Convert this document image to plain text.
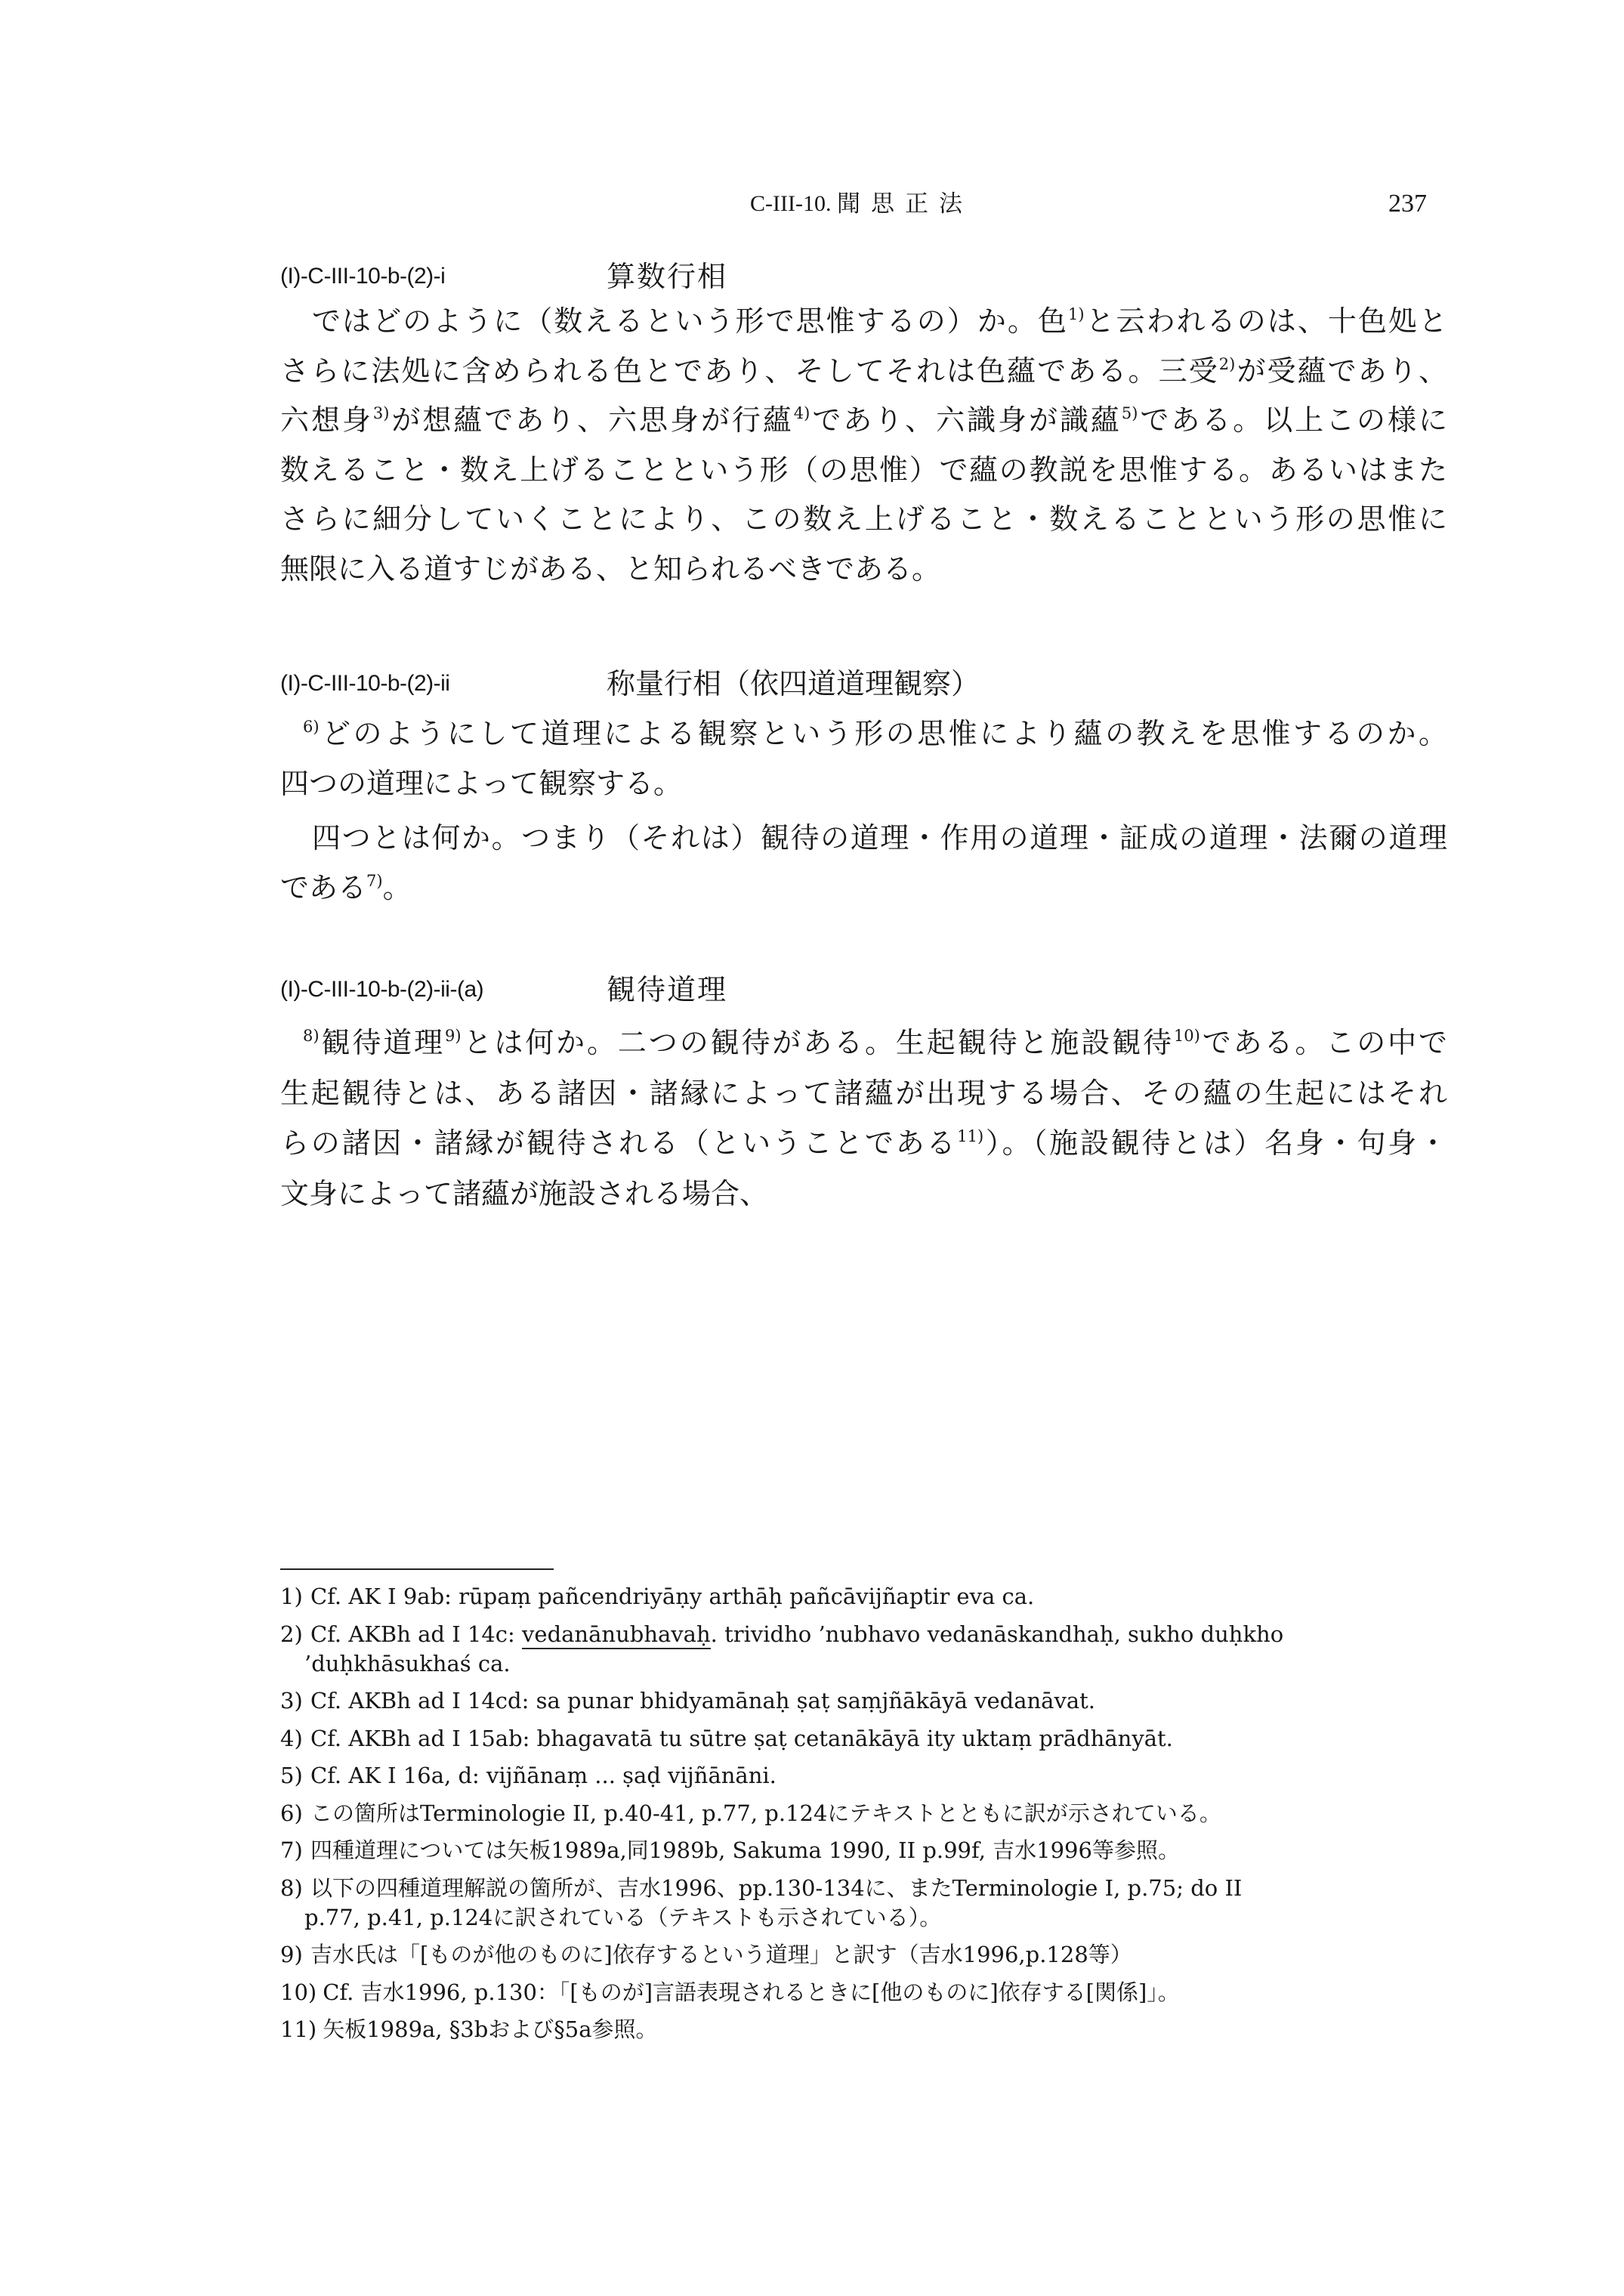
C-III-10. 聞思正法	237
(I)-C-III-10-b-(2)-i	算数行相
ではどのように（数えるという形で思惟するの）か。色$^{1)}$と云われるのは、十色処と
さらに法処に含められる色とであり、そしてそれは色蘊である。三受$^{2)}$が受蘊であり、
六想身$^{3)}$が想蘊であり、六思身が行蘊$^{4)}$であり、六識身が識蘊$^{5)}$である。以上この様に
数えること・数え上げることという形（の思惟）で蘊の教説を思惟する。あるいはまた
さらに細分していくことにより、この数え上げること・数えることという形の思惟に
無限に入る道すじがある、と知られるべきである。
(I)-C-III-10-b-(2)-ii	称量行相（依四道道理観察）
$^{6)}$どのようにして道理による観察という形の思惟により蘊の教えを思惟するのか。
四つの道理によって観察する。
四つとは何か。つまり（それは）観待の道理・作用の道理・証成の道理・法爾の道理
である$^{7)}$。
(I)-C-III-10-b-(2)-ii-(a)	観待道理
$^{8)}$観待道理$^{9)}$とは何か。二つの観待がある。生起観待と施設観待$^{10)}$である。この中で
生起観待とは、ある諸因・諸縁によって諸蘊が出現する場合、その蘊の生起にはそれ
らの諸因・諸縁が観待される（ということである$^{11)}$）。（施設観待とは）名身・句身・
文身によって諸蘊が施設される場合、
1) Cf. AK I 9ab: rūpaṃ pañcendriyāṇy arthāḥ pañcāvijñaptir eva ca.
2) Cf. AKBh ad I 14c: vedanānubhavaḥ. trividho ’nubhavo vedanāskandhaḥ, sukho duḥkho
’duḥkhāsukhaś ca.
3) Cf. AKBh ad I 14cd: sa punar bhidyamānaḥ ṣaṭ saṃjñākāyā vedanāvat.
4) Cf. AKBh ad I 15ab: bhagavatā tu sūtre ṣaṭ cetanākāyā ity uktaṃ prādhānyāt.
5) Cf. AK I 16a, d: vijñānaṃ ... ṣaḍ vijñānāni.
6) この箇所はTerminologie II, p.40-41, p.77, p.124にテキストとともに訳が示されている。
7) 四種道理については矢板1989a,同1989b, Sakuma 1990, II p.99f, 吉水1996等参照。
8) 以下の四種道理解説の箇所が、吉水1996、pp.130-134に、またTerminologie I, p.75; do II
p.77, p.41, p.124に訳されている（テキストも示されている）。
9) 吉水氏は「[ものが他のものに]依存するという道理」と訳す（吉水1996,p.128等）
10) Cf. 吉水1996, p.130：「[ものが]言語表現されるときに[他のものに]依存する[関係]」。
11) 矢板1989a, §3bおよび§5a参照。
